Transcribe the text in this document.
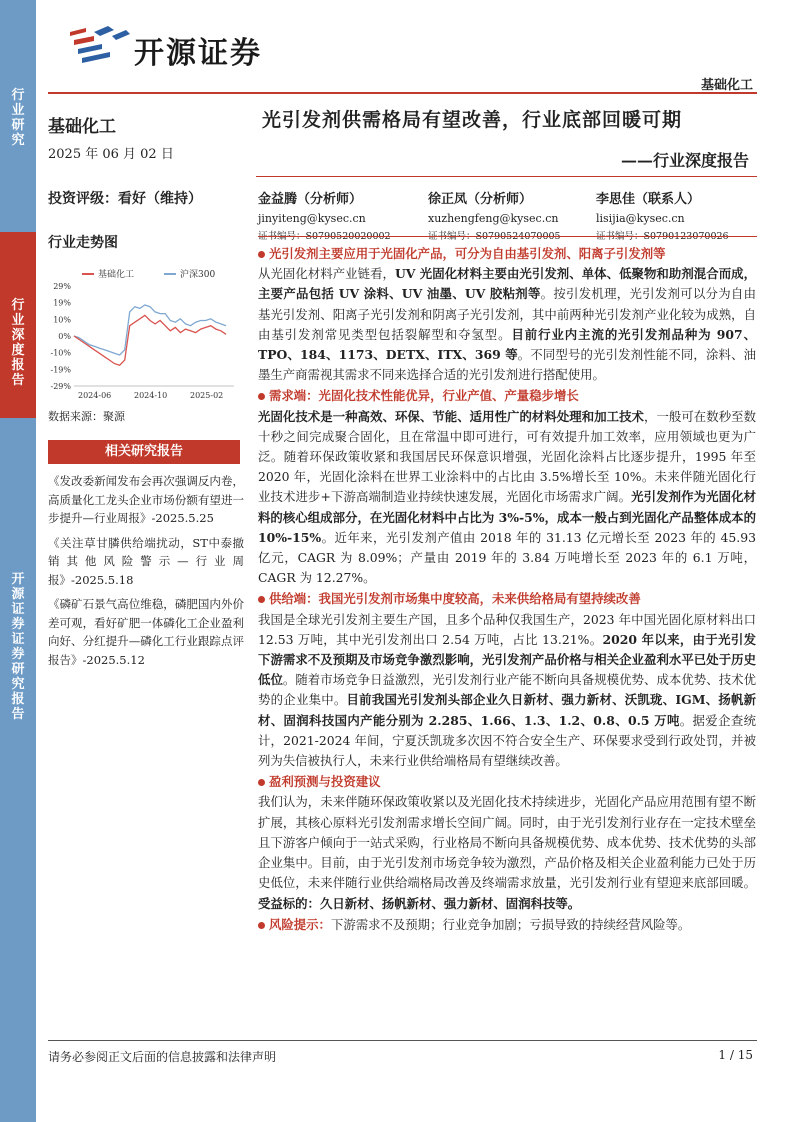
行业研究
行业深度报告
开源证券 证券研究报告
开源证券
基础化工
基础化工
2025 年 06 月 02 日
投资评级：看好（维持）
行业走势图
基础化工	沪深300
29%
19%
10%
0%
-10%
-19%
-29%
2024-06	2024-10	2025-02
数据来源：聚源
相关研究报告
《发改委新闻发布会再次强调反内卷，高质量化工龙头企业市场份额有望进一步提升—行业周报》-2025.5.25
《关注草甘膦供给端扰动，ST中泰撤销其他风险警示—行业周报》-2025.5.18
《磷矿石景气高位维稳，磷肥国内外价差可观，看好矿肥一体磷化工企业盈利向好、分红提升—磷化工行业跟踪点评报告》-2025.5.12
光引发剂供需格局有望改善，行业底部回暖可期
——行业深度报告
金益腾（分析师）
jinyiteng@kysec.cn
证书编号：S0790520020002
徐正凤（分析师）
xuzhengfeng@kysec.cn
证书编号：S0790524070005
李思佳（联系人）
lisijia@kysec.cn
证书编号：S0790123070026
光引发剂主要应用于光固化产品，可分为自由基引发剂、阳离子引发剂等
从光固化材料产业链看，UV 光固化材料主要由光引发剂、单体、低聚物和助剂混合而成，主要产品包括 UV 涂料、UV 油墨、UV 胶粘剂等。按引发机理，光引发剂可以分为自由基光引发剂、阳离子光引发剂和阴离子光引发剂，其中前两种光引发剂产业化较为成熟，自由基引发剂常见类型包括裂解型和夺氢型。目前行业内主流的光引发剂品种为 907、TPO、184、1173、DETX、ITX、369 等。不同型号的光引发剂性能不同，涂料、油墨生产商需视其需求不同来选择合适的光引发剂进行搭配使用。
需求端：光固化技术性能优异，行业产值、产量稳步增长
光固化技术是一种高效、环保、节能、适用性广的材料处理和加工技术，一般可在数秒至数十秒之间完成聚合固化，且在常温中即可进行，可有效提升加工效率，应用领域也更为广泛。随着环保政策收紧和我国居民环保意识增强，光固化涂料占比逐步提升，1995 年至 2020 年，光固化涂料在世界工业涂料中的占比由 3.5%增长至 10%。未来伴随光固化行业技术进步+下游高端制造业持续快速发展，光固化市场需求广阔。光引发剂作为光固化材料的核心组成部分，在光固化材料中占比为 3%-5%，成本一般占到光固化产品整体成本的 10%-15%。近年来，光引发剂产值由 2018 年的 31.13 亿元增长至 2023 年的 45.93 亿元，CAGR 为 8.09%；产量由 2019 年的 3.84 万吨增长至 2023 年的 6.1 万吨，CAGR 为 12.27%。
供给端：我国光引发剂市场集中度较高，未来供给格局有望持续改善
我国是全球光引发剂主要生产国，且多个品种仅我国生产，2023 年中国光固化原材料出口 12.53 万吨，其中光引发剂出口 2.54 万吨，占比 13.21%。2020 年以来，由于光引发下游需求不及预期及市场竞争激烈影响，光引发剂产品价格与相关企业盈利水平已处于历史低位。随着市场竞争日益激烈，光引发剂行业产能不断向具备规模优势、成本优势、技术优势的企业集中。目前我国光引发剂头部企业久日新材、强力新材、沃凯珑、IGM、扬帆新材、固润科技国内产能分别为 2.285、1.66、1.3、1.2、0.8、0.5 万吨。据爱企查统计，2021-2024 年间，宁夏沃凯珑多次因不符合安全生产、环保要求受到行政处罚，并被列为失信被执行人，未来行业供给端格局有望继续改善。
盈利预测与投资建议
我们认为，未来伴随环保政策收紧以及光固化技术持续进步，光固化产品应用范围有望不断扩展，其核心原料光引发剂需求增长空间广阔。同时，由于光引发剂行业存在一定技术壁垒且下游客户倾向于一站式采购，行业格局不断向具备规模优势、成本优势、技术优势的头部企业集中。目前，由于光引发剂市场竞争较为激烈，产品价格及相关企业盈利能力已处于历史低位，未来伴随行业供给端格局改善及终端需求放量，光引发剂行业有望迎来底部回暖。受益标的：久日新材、扬帆新材、强力新材、固润科技等。
风险提示：下游需求不及预期；行业竞争加剧；亏损导致的持续经营风险等。
请务必参阅正文后面的信息披露和法律声明	1 / 15
